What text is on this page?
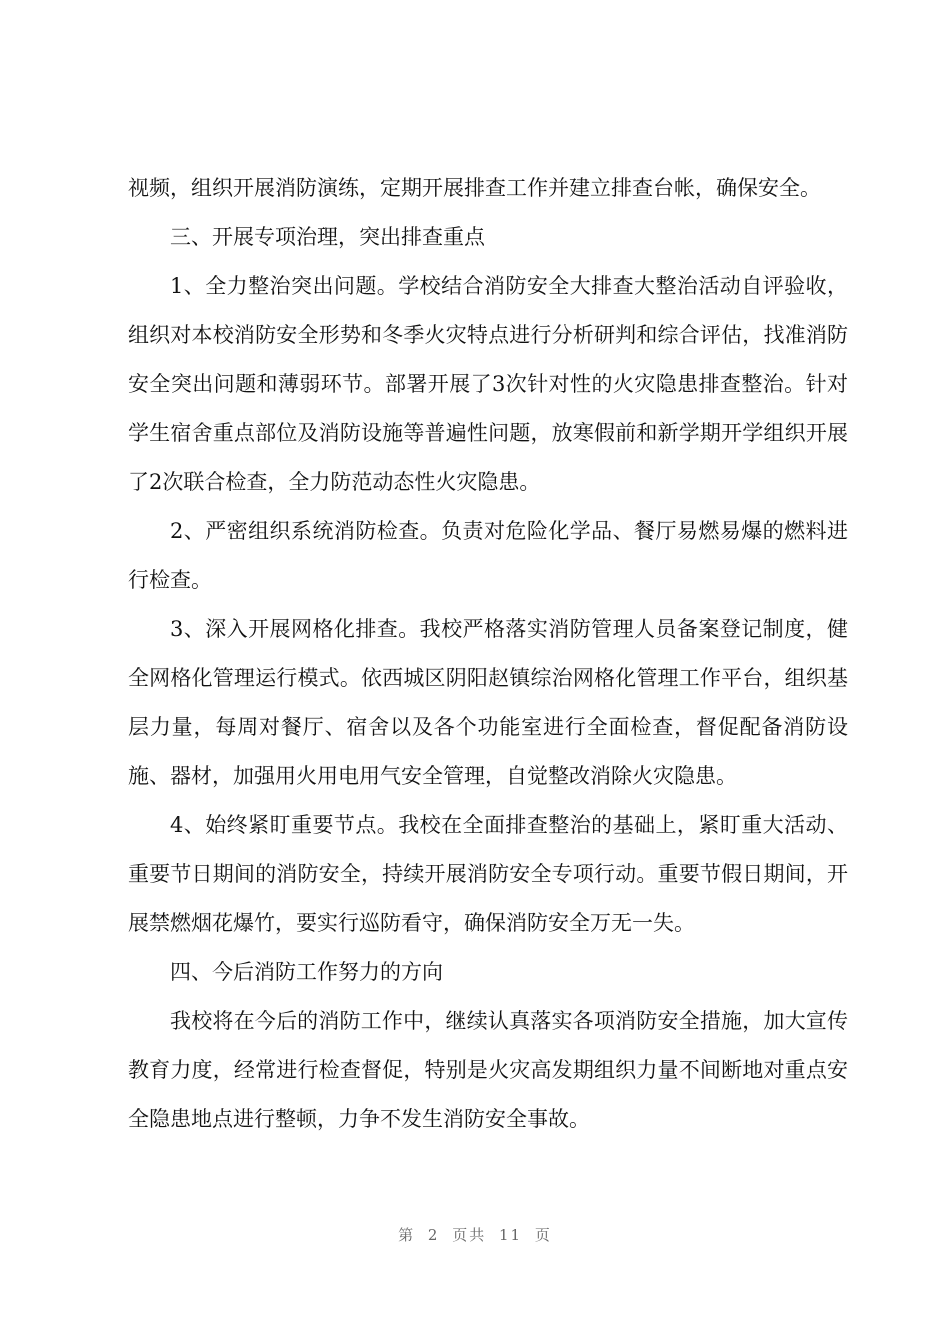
视频，组织开展消防演练，定期开展排查工作并建立排查台帐，确保安全。

三、开展专项治理，突出排查重点

1、全力整治突出问题。学校结合消防安全大排查大整治活动自评验收，组织对本校消防安全形势和冬季火灾特点进行分析研判和综合评估，找准消防安全突出问题和薄弱环节。部署开展了3次针对性的火灾隐患排查整治。针对学生宿舍重点部位及消防设施等普遍性问题，放寒假前和新学期开学组织开展了2次联合检查，全力防范动态性火灾隐患。

2、严密组织系统消防检查。负责对危险化学品、餐厅易燃易爆的燃料进行检查。

3、深入开展网格化排查。我校严格落实消防管理人员备案登记制度，健全网格化管理运行模式。依西城区阴阳赵镇综治网格化管理工作平台，组织基层力量，每周对餐厅、宿舍以及各个功能室进行全面检查，督促配备消防设施、器材，加强用火用电用气安全管理，自觉整改消除火灾隐患。

4、始终紧盯重要节点。我校在全面排查整治的基础上，紧盯重大活动、重要节日期间的消防安全，持续开展消防安全专项行动。重要节假日期间，开展禁燃烟花爆竹，要实行巡防看守，确保消防安全万无一失。

四、今后消防工作努力的方向

我校将在今后的消防工作中，继续认真落实各项消防安全措施，加大宣传教育力度，经常进行检查督促，特别是火灾高发期组织力量不间断地对重点安全隐患地点进行整顿，力争不发生消防安全事故。

第 2 页共 11 页
